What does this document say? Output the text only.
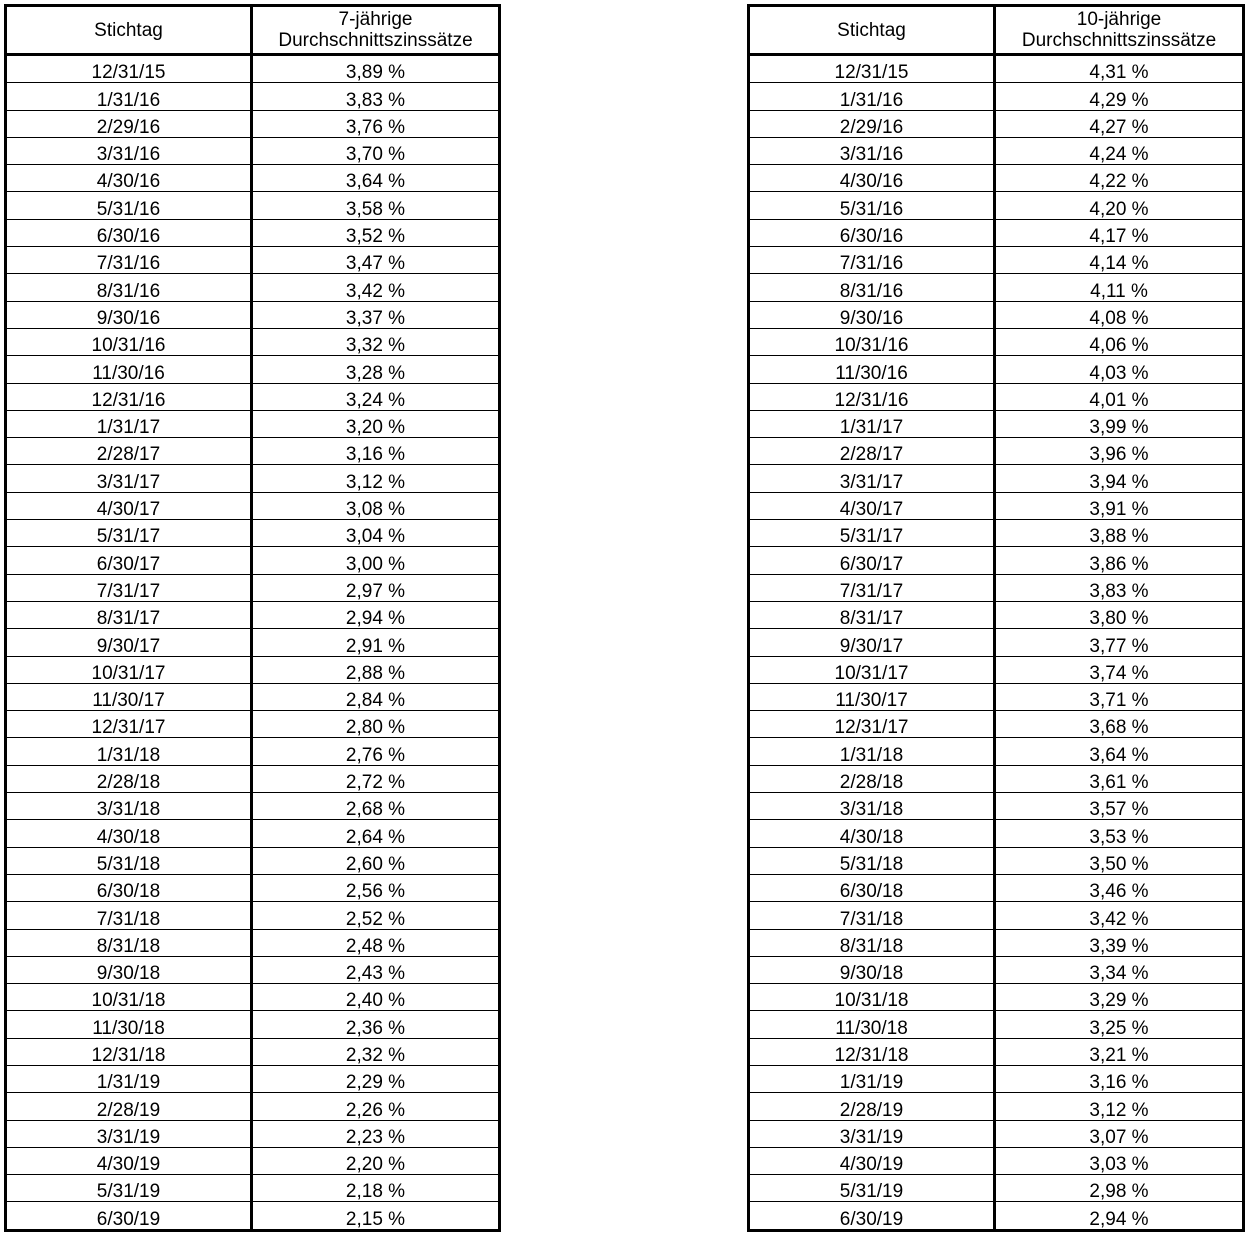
Stichtag	7-jährige
Durchschnittszinssätze

12/31/15	3,89 %
1/31/16	3,83 %
2/29/16	3,76 %
3/31/16	3,70 %
4/30/16	3,64 %
5/31/16	3,58 %
6/30/16	3,52 %
7/31/16	3,47 %
8/31/16	3,42 %
9/30/16	3,37 %
10/31/16	3,32 %
11/30/16	3,28 %
12/31/16	3,24 %
1/31/17	3,20 %
2/28/17	3,16 %
3/31/17	3,12 %
4/30/17	3,08 %
5/31/17	3,04 %
6/30/17	3,00 %
7/31/17	2,97 %
8/31/17	2,94 %
9/30/17	2,91 %
10/31/17	2,88 %
11/30/17	2,84 %
12/31/17	2,80 %
1/31/18	2,76 %
2/28/18	2,72 %
3/31/18	2,68 %
4/30/18	2,64 %
5/31/18	2,60 %
6/30/18	2,56 %
7/31/18	2,52 %
8/31/18	2,48 %
9/30/18	2,43 %
10/31/18	2,40 %
11/30/18	2,36 %
12/31/18	2,32 %
1/31/19	2,29 %
2/28/19	2,26 %
3/31/19	2,23 %
4/30/19	2,20 %
5/31/19	2,18 %
6/30/19	2,15 %
Stichtag	10-jährige
Durchschnittszinssätze

12/31/15	4,31 %
1/31/16	4,29 %
2/29/16	4,27 %
3/31/16	4,24 %
4/30/16	4,22 %
5/31/16	4,20 %
6/30/16	4,17 %
7/31/16	4,14 %
8/31/16	4,11 %
9/30/16	4,08 %
10/31/16	4,06 %
11/30/16	4,03 %
12/31/16	4,01 %
1/31/17	3,99 %
2/28/17	3,96 %
3/31/17	3,94 %
4/30/17	3,91 %
5/31/17	3,88 %
6/30/17	3,86 %
7/31/17	3,83 %
8/31/17	3,80 %
9/30/17	3,77 %
10/31/17	3,74 %
11/30/17	3,71 %
12/31/17	3,68 %
1/31/18	3,64 %
2/28/18	3,61 %
3/31/18	3,57 %
4/30/18	3,53 %
5/31/18	3,50 %
6/30/18	3,46 %
7/31/18	3,42 %
8/31/18	3,39 %
9/30/18	3,34 %
10/31/18	3,29 %
11/30/18	3,25 %
12/31/18	3,21 %
1/31/19	3,16 %
2/28/19	3,12 %
3/31/19	3,07 %
4/30/19	3,03 %
5/31/19	2,98 %
6/30/19	2,94 %
